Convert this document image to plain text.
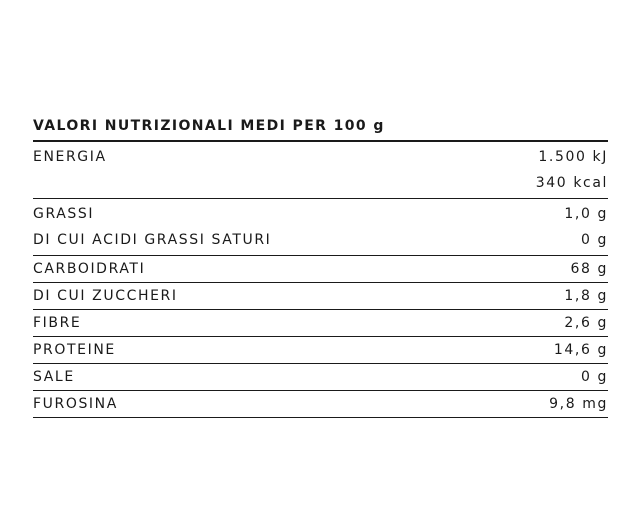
VALORI NUTRIZIONALI MEDI PER 100 g
ENERGIA	1.500 kJ
340 kcal
GRASSI	1,0 g
DI CUI ACIDI GRASSI SATURI	0 g
CARBOIDRATI	68 g
DI CUI ZUCCHERI	1,8 g
FIBRE	2,6 g
PROTEINE	14,6 g
SALE	0 g
FUROSINA	9,8 mg
